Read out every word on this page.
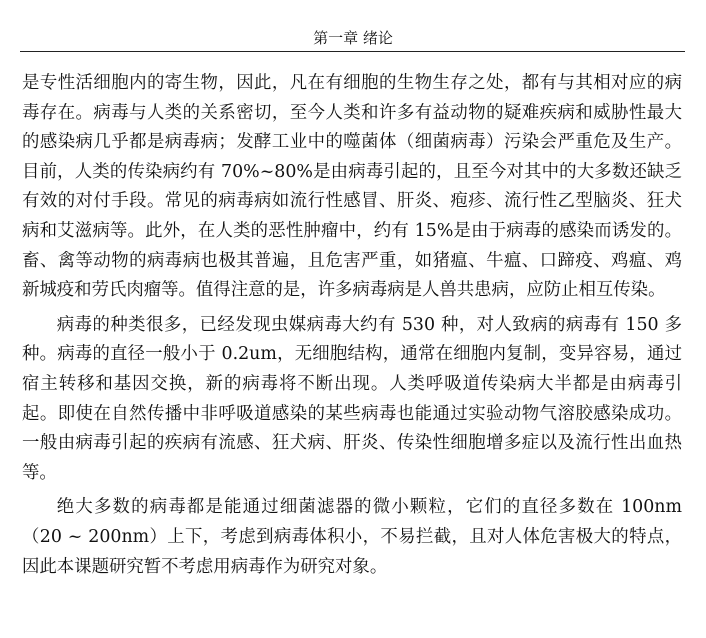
第一章 绪论

是专性活细胞内的寄生物，因此，凡在有细胞的生物生存之处，都有与其相对应的病毒存在。病毒与人类的关系密切，至今人类和许多有益动物的疑难疾病和威胁性最大的感染病几乎都是病毒病；发酵工业中的噬菌体（细菌病毒）污染会严重危及生产。目前，人类的传染病约有 70%~80%是由病毒引起的，且至今对其中的大多数还缺乏有效的对付手段。常见的病毒病如流行性感冒、肝炎、疱疹、流行性乙型脑炎、狂犬病和艾滋病等。此外，在人类的恶性肿瘤中，约有 15%是由于病毒的感染而诱发的。畜、禽等动物的病毒病也极其普遍，且危害严重，如猪瘟、牛瘟、口蹄疫、鸡瘟、鸡新城疫和劳氏肉瘤等。值得注意的是，许多病毒病是人兽共患病，应防止相互传染。

病毒的种类很多，已经发现虫媒病毒大约有 530 种，对人致病的病毒有 150 多种。病毒的直径一般小于 0.2um，无细胞结构，通常在细胞内复制，变异容易，通过宿主转移和基因交换，新的病毒将不断出现。人类呼吸道传染病大半都是由病毒引起。即使在自然传播中非呼吸道感染的某些病毒也能通过实验动物气溶胶感染成功。一般由病毒引起的疾病有流感、狂犬病、肝炎、传染性细胞增多症以及流行性出血热等。

绝大多数的病毒都是能通过细菌滤器的微小颗粒，它们的直径多数在 100nm（20 ~ 200nm）上下，考虑到病毒体积小，不易拦截，且对人体危害极大的特点，因此本课题研究暂不考虑用病毒作为研究对象。
